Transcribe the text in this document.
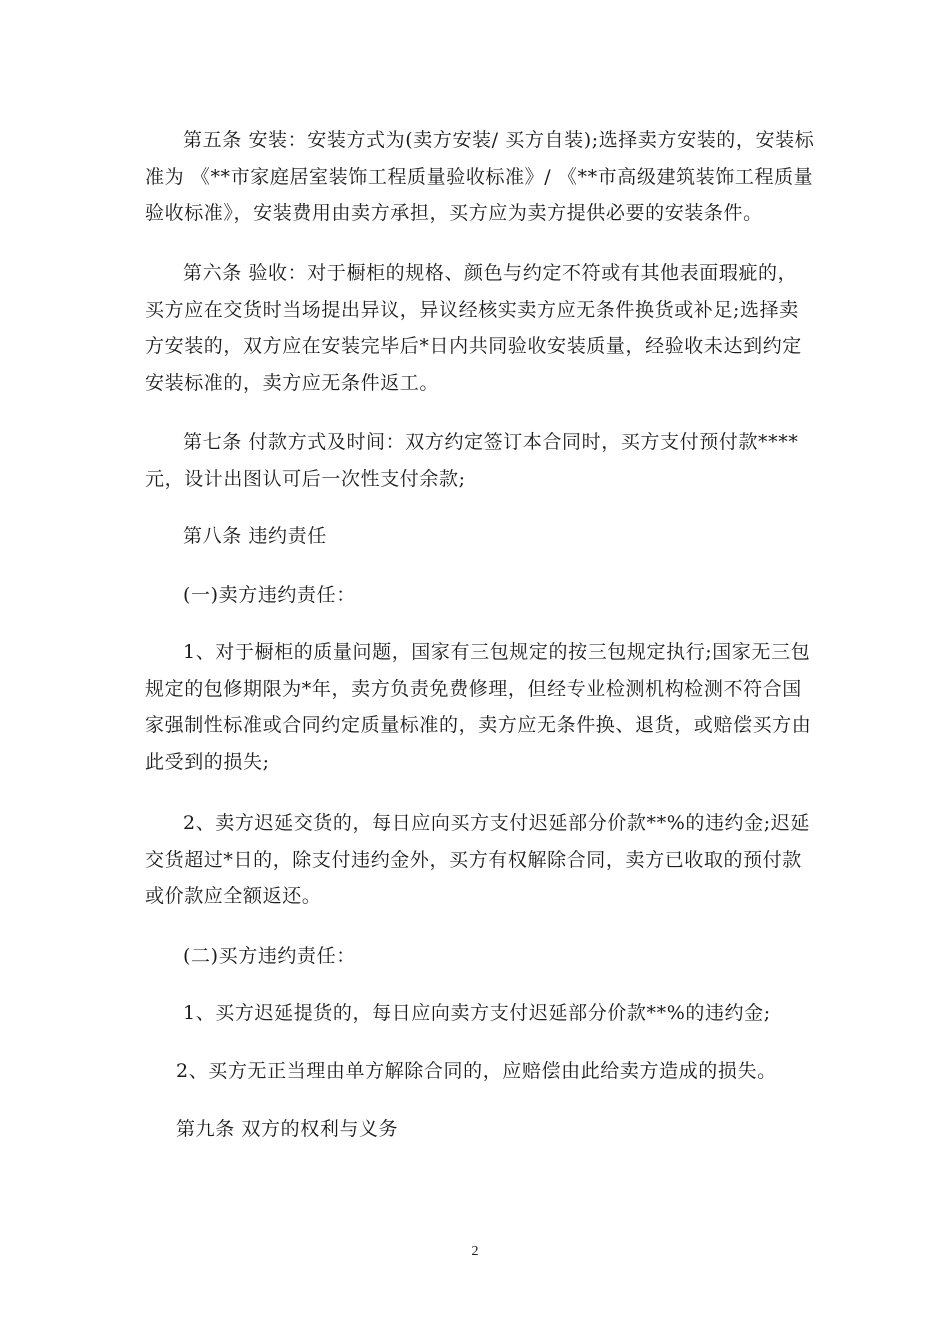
第五条 安装：安装方式为(卖方安装/ 买方自装);选择卖方安装的，安装标准为 《**市家庭居室装饰工程质量验收标准》/ 《**市高级建筑装饰工程质量验收标准》，安装费用由卖方承担，买方应为卖方提供必要的安装条件。

第六条 验收：对于橱柜的规格、颜色与约定不符或有其他表面瑕疵的，买方应在交货时当场提出异议，异议经核实卖方应无条件换货或补足;选择卖方安装的，双方应在安装完毕后*日内共同验收安装质量，经验收未达到约定安装标准的，卖方应无条件返工。

第七条 付款方式及时间：双方约定签订本合同时，买方支付预付款****元，设计出图认可后一次性支付余款;

第八条 违约责任

(一)卖方违约责任：

1、对于橱柜的质量问题，国家有三包规定的按三包规定执行;国家无三包规定的包修期限为*年，卖方负责免费修理，但经专业检测机构检测不符合国家强制性标准或合同约定质量标准的，卖方应无条件换、退货，或赔偿买方由此受到的损失;

2、卖方迟延交货的，每日应向买方支付迟延部分价款**%的违约金;迟延交货超过*日的，除支付违约金外，买方有权解除合同，卖方已收取的预付款或价款应全额返还。

(二)买方违约责任：

1、买方迟延提货的，每日应向卖方支付迟延部分价款**%的违约金;

2、买方无正当理由单方解除合同的，应赔偿由此给卖方造成的损失。

第九条 双方的权利与义务

2
